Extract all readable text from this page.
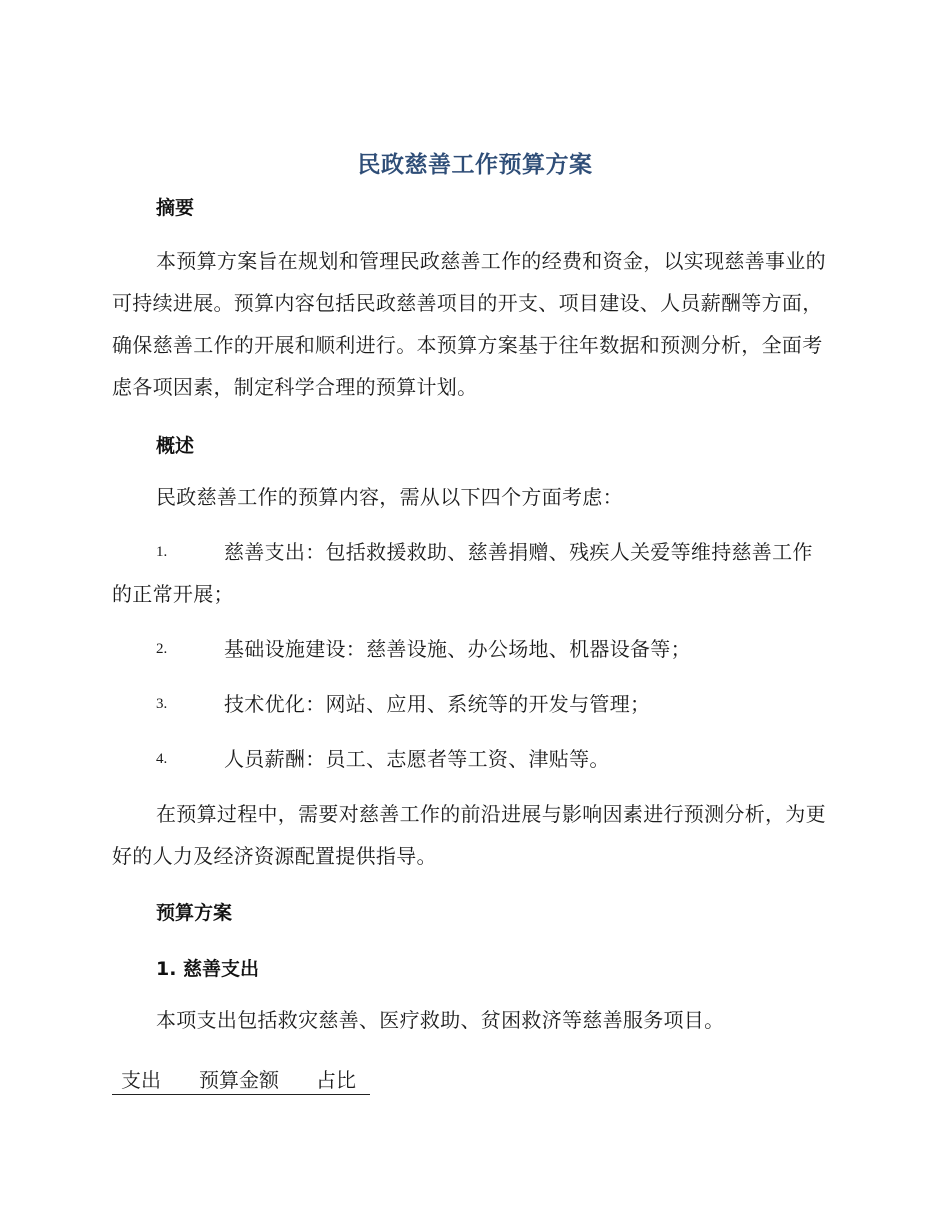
民政慈善工作预算方案
摘要
本预算方案旨在规划和管理民政慈善工作的经费和资金，以实现慈善事业的可持续进展。预算内容包括民政慈善项目的开支、项目建设、人员薪酬等方面，确保慈善工作的开展和顺利进行。本预算方案基于往年数据和预测分析，全面考虑各项因素，制定科学合理的预算计划。
概述
民政慈善工作的预算内容，需从以下四个方面考虑：
1.	慈善支出：包括救援救助、慈善捐赠、残疾人关爱等维持慈善工作的正常开展；
2.	基础设施建设：慈善设施、办公场地、机器设备等；
3.	技术优化：网站、应用、系统等的开发与管理；
4.	人员薪酬：员工、志愿者等工资、津贴等。
在预算过程中，需要对慈善工作的前沿进展与影响因素进行预测分析，为更好的人力及经济资源配置提供指导。
预算方案
1. 慈善支出
本项支出包括救灾慈善、医疗救助、贫困救济等慈善服务项目。
支出 预算金额 占比
